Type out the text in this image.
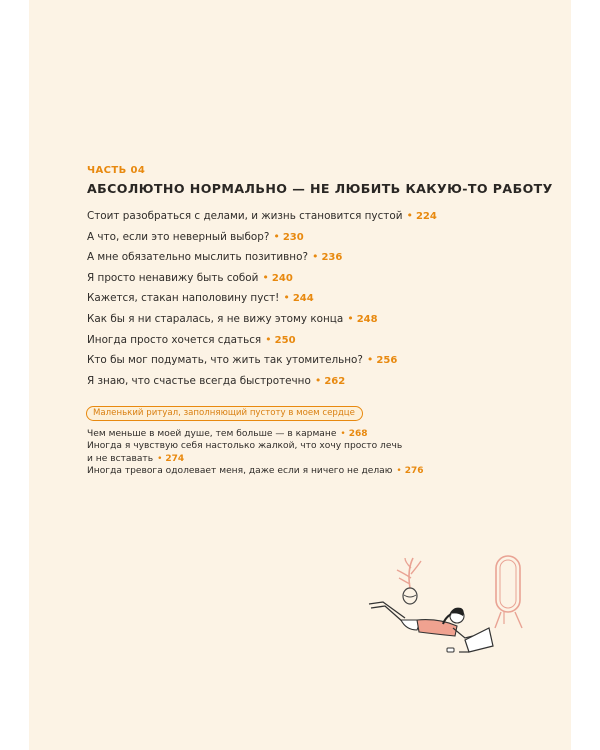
ЧАСТЬ 04
АБСОЛЮТНО НОРМАЛЬНО — НЕ ЛЮБИТЬ КАКУЮ-ТО РАБОТУ
Стоит разобраться с делами, и жизнь становится пустой • 224
А что, если это неверный выбор? • 230
А мне обязательно мыслить позитивно? • 236
Я просто ненавижу быть собой • 240
Кажется, стакан наполовину пуст! • 244
Как бы я ни старалась, я не вижу этому конца • 248
Иногда просто хочется сдаться • 250
Кто бы мог подумать, что жить так утомительно? • 256
Я знаю, что счастье всегда быстротечно • 262
Маленький ритуал, заполняющий пустоту в моем сердце
Чем меньше в моей душе, тем больше — в кармане • 268
Иногда я чувствую себя настолько жалкой, что хочу просто лечь
и не вставать • 274
Иногда тревога одолевает меня, даже если я ничего не делаю • 276
